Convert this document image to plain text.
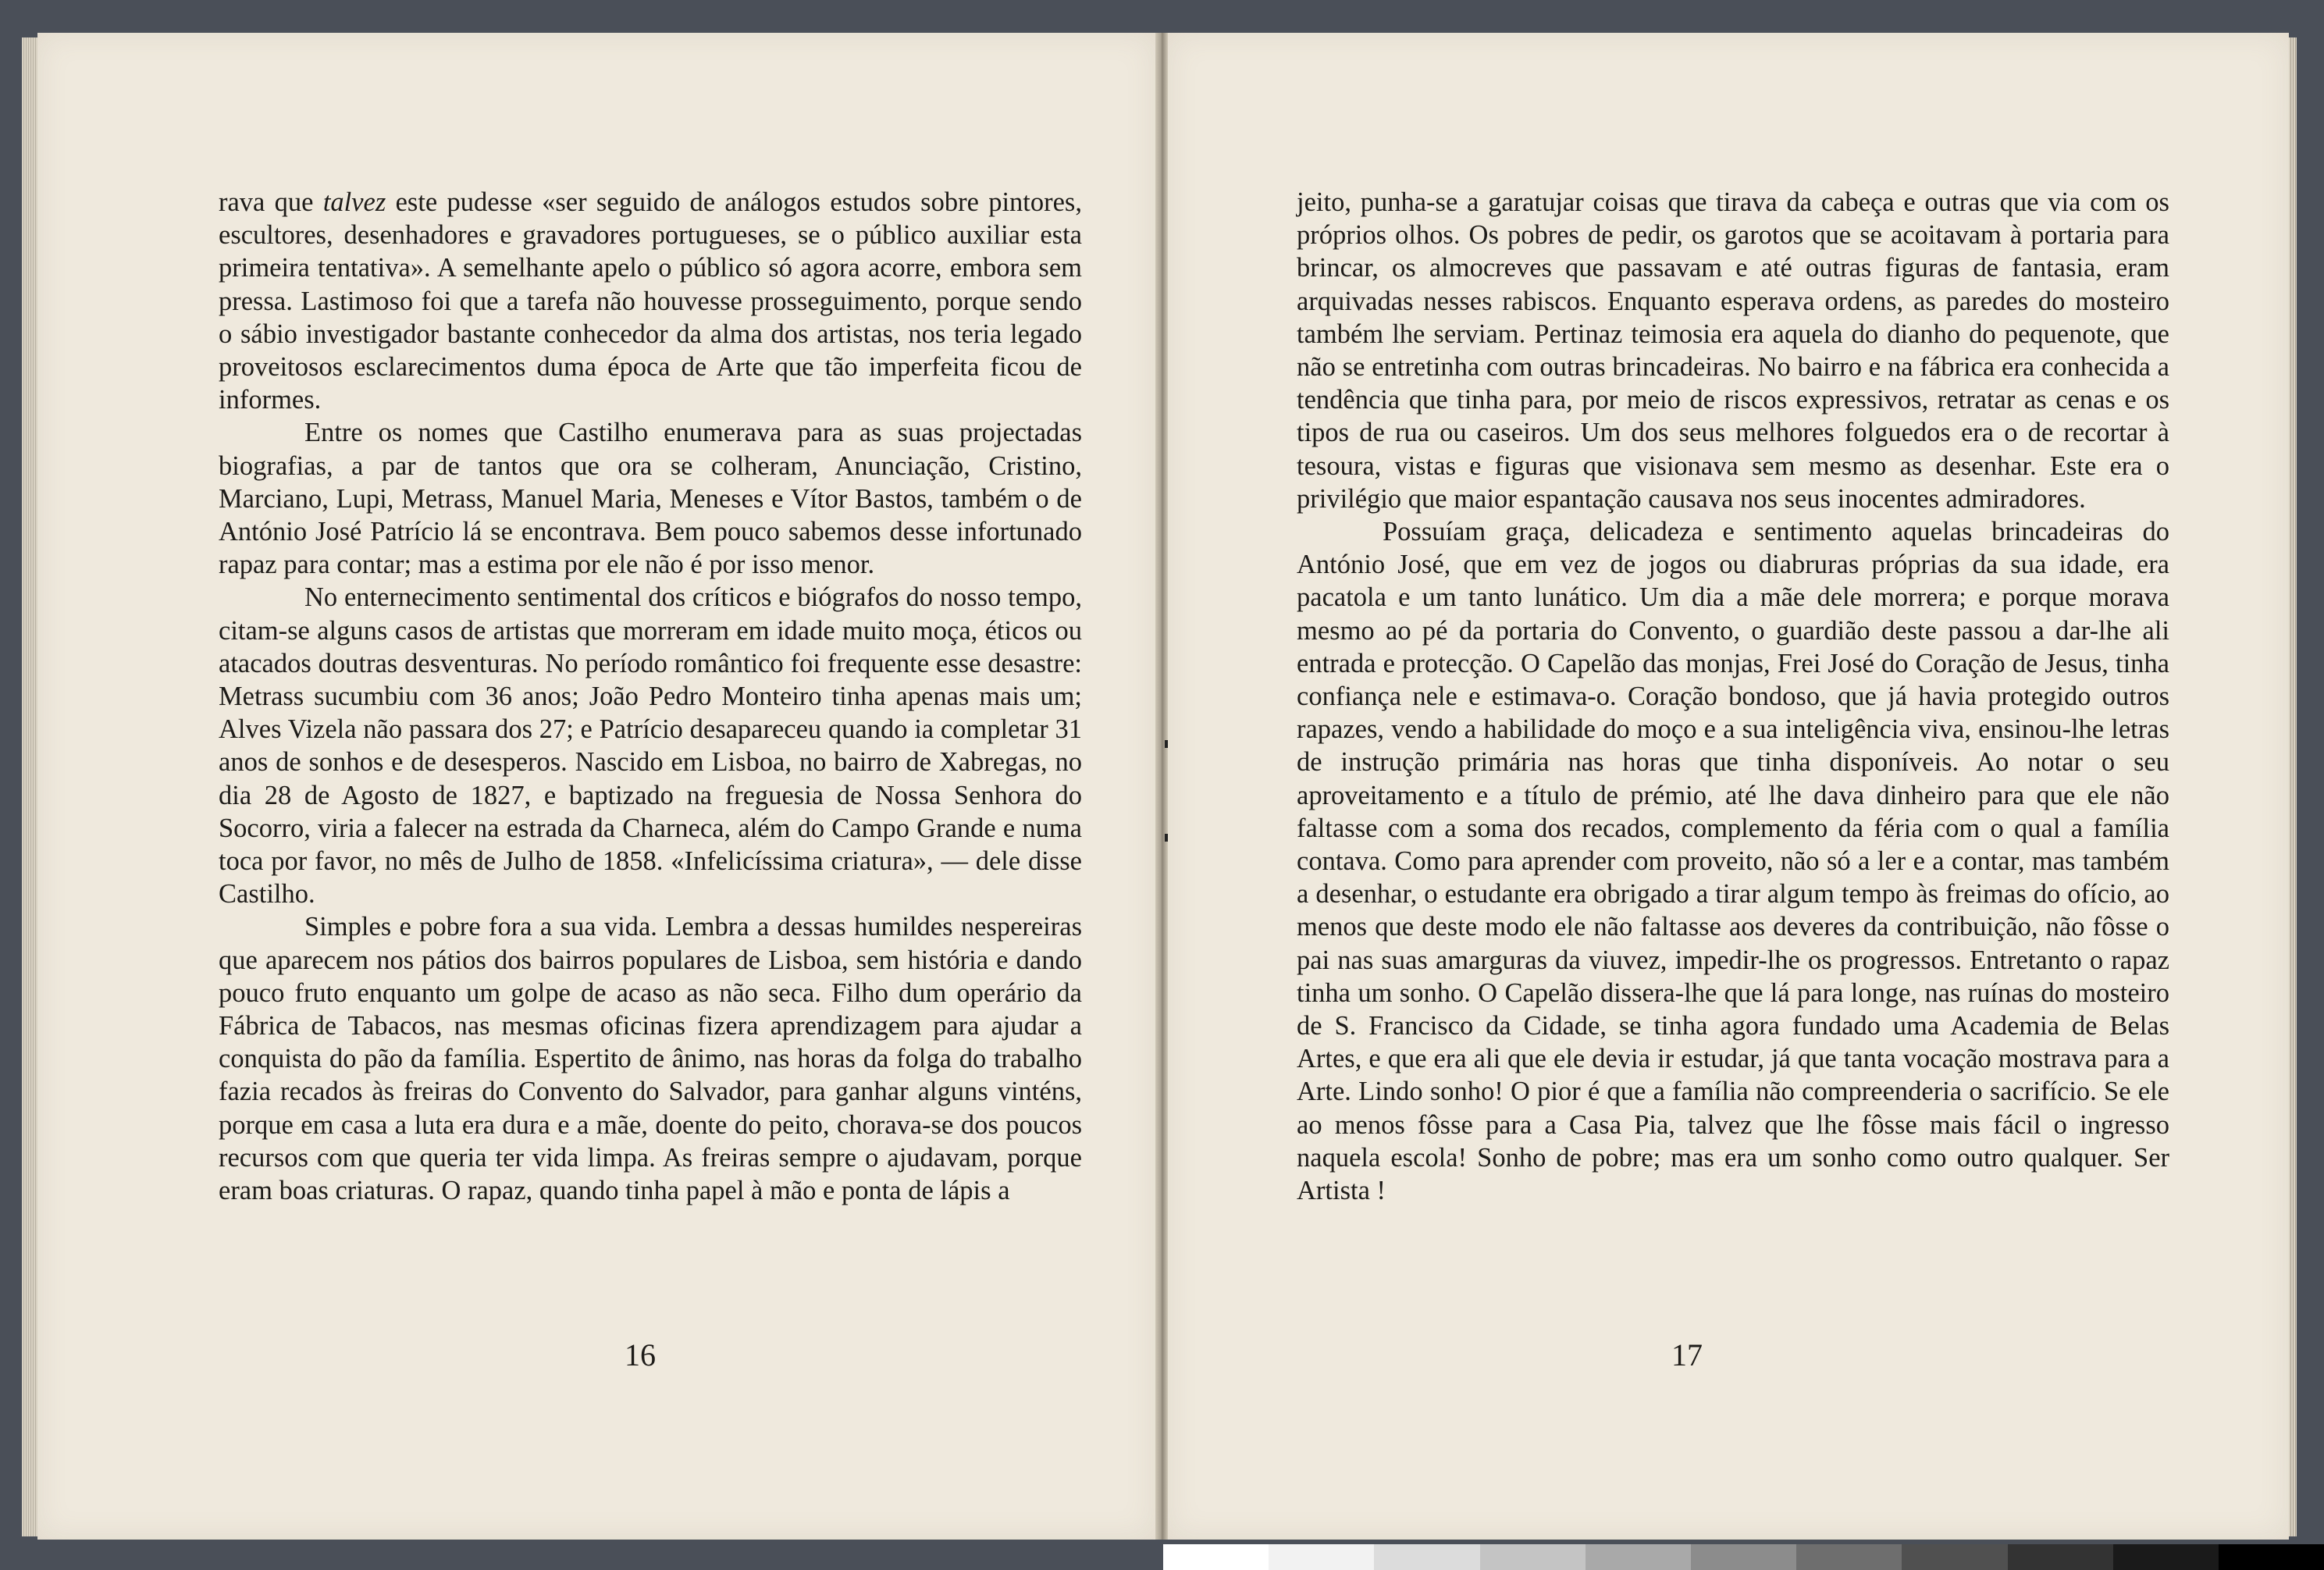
rava que talvez este pudesse «ser seguido de análogos estudos sobre pintores, escultores, desenhadores e gravadores portugueses, se o público auxiliar esta primeira tentativa». A semelhante apelo o público só agora acorre, embora sem pressa. Lastimoso foi que a tarefa não houvesse prosseguimento, porque sendo o sábio investigador bastante conhecedor da alma dos artistas, nos teria legado proveitosos esclarecimentos duma época de Arte que tão imperfeita ficou de informes.

Entre os nomes que Castilho enumerava para as suas projectadas biografias, a par de tantos que ora se colheram, Anunciação, Cristino, Marciano, Lupi, Metrass, Manuel Maria, Meneses e Vítor Bastos, também o de António José Patrício lá se encontrava. Bem pouco sabemos desse infortunado rapaz para contar; mas a estima por ele não é por isso menor.

No enternecimento sentimental dos críticos e biógrafos do nosso tempo, citam-se alguns casos de artistas que morreram em idade muito moça, éticos ou atacados doutras desventuras. No período romântico foi frequente esse desastre: Metrass sucumbiu com 36 anos; João Pedro Monteiro tinha apenas mais um; Alves Vizela não passara dos 27; e Patrício desapareceu quando ia completar 31 anos de sonhos e de desesperos. Nascido em Lisboa, no bairro de Xabregas, no dia 28 de Agosto de 1827, e baptizado na freguesia de Nossa Senhora do Socorro, viria a falecer na estrada da Charneca, além do Campo Grande e numa toca por favor, no mês de Julho de 1858. «Infelicíssima criatura», — dele disse Castilho.

Simples e pobre fora a sua vida. Lembra a dessas humildes nespereiras que aparecem nos pátios dos bairros populares de Lisboa, sem história e dando pouco fruto enquanto um golpe de acaso as não seca. Filho dum operário da Fábrica de Tabacos, nas mesmas oficinas fizera aprendizagem para ajudar a conquista do pão da família. Espertito de ânimo, nas horas da folga do trabalho fazia recados às freiras do Convento do Salvador, para ganhar alguns vinténs, porque em casa a luta era dura e a mãe, doente do peito, chorava-se dos poucos recursos com que queria ter vida limpa. As freiras sempre o ajudavam, porque eram boas criaturas. O rapaz, quando tinha papel à mão e ponta de lápis a

16

jeito, punha-se a garatujar coisas que tirava da cabeça e outras que via com os próprios olhos. Os pobres de pedir, os garotos que se acoitavam à portaria para brincar, os almocreves que passavam e até outras figuras de fantasia, eram arquivadas nesses rabiscos. Enquanto esperava ordens, as paredes do mosteiro também lhe serviam. Pertinaz teimosia era aquela do dianho do pequenote, que não se entretinha com outras brincadeiras. No bairro e na fábrica era conhecida a tendência que tinha para, por meio de riscos expressivos, retratar as cenas e os tipos de rua ou caseiros. Um dos seus melhores folguedos era o de recortar à tesoura, vistas e figuras que visionava sem mesmo as desenhar. Este era o privilégio que maior espantação causava nos seus inocentes admiradores.

Possuíam graça, delicadeza e sentimento aquelas brincadeiras do António José, que em vez de jogos ou diabruras próprias da sua idade, era pacatola e um tanto lunático. Um dia a mãe dele morrera; e porque morava mesmo ao pé da portaria do Convento, o guardião deste passou a dar-lhe ali entrada e protecção. O Capelão das monjas, Frei José do Coração de Jesus, tinha confiança nele e estimava-o. Coração bondoso, que já havia protegido outros rapazes, vendo a habilidade do moço e a sua inteligência viva, ensinou-lhe letras de instrução primária nas horas que tinha disponíveis. Ao notar o seu aproveitamento e a título de prémio, até lhe dava dinheiro para que ele não faltasse com a soma dos recados, complemento da féria com o qual a família contava. Como para aprender com proveito, não só a ler e a contar, mas também a desenhar, o estudante era obrigado a tirar algum tempo às freimas do ofício, ao menos que deste modo ele não faltasse aos deveres da contribuição, não fôsse o pai nas suas amarguras da viuvez, impedir-lhe os progressos. Entretanto o rapaz tinha um sonho. O Capelão dissera-lhe que lá para longe, nas ruínas do mosteiro de S. Francisco da Cidade, se tinha agora fundado uma Academia de Belas Artes, e que era ali que ele devia ir estudar, já que tanta vocação mostrava para a Arte. Lindo sonho! O pior é que a família não compreenderia o sacrifício. Se ele ao menos fôsse para a Casa Pia, talvez que lhe fôsse mais fácil o ingresso naquela escola! Sonho de pobre; mas era um sonho como outro qualquer. Ser Artista !

17
